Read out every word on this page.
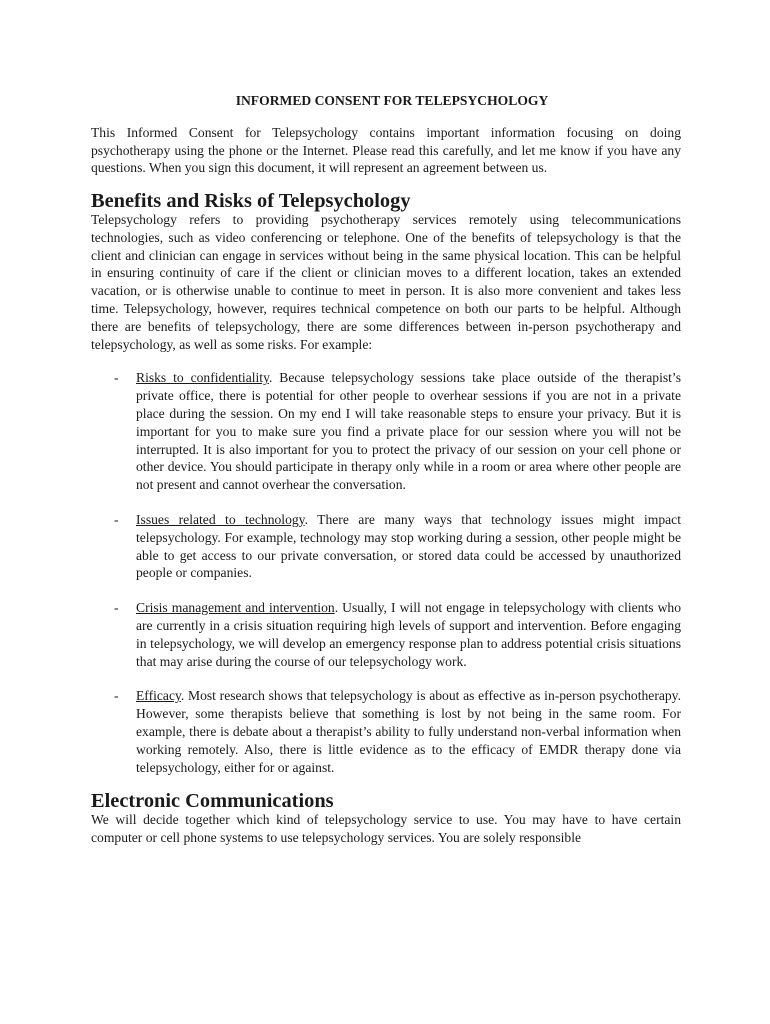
INFORMED CONSENT FOR TELEPSYCHOLOGY

This Informed Consent for Telepsychology contains important information focusing on doing psychotherapy using the phone or the Internet. Please read this carefully, and let me know if you have any questions. When you sign this document, it will represent an agreement between us.

Benefits and Risks of Telepsychology

Telepsychology refers to providing psychotherapy services remotely using telecommunications technologies, such as video conferencing or telephone. One of the benefits of telepsychology is that the client and clinician can engage in services without being in the same physical location. This can be helpful in ensuring continuity of care if the client or clinician moves to a different location, takes an extended vacation, or is otherwise unable to continue to meet in person. It is also more convenient and takes less time. Telepsychology, however, requires technical competence on both our parts to be helpful. Although there are benefits of telepsychology, there are some differences between in-person psychotherapy and telepsychology, as well as some risks. For example:

- Risks to confidentiality. Because telepsychology sessions take place outside of the therapist’s private office, there is potential for other people to overhear sessions if you are not in a private place during the session. On my end I will take reasonable steps to ensure your privacy. But it is important for you to make sure you find a private place for our session where you will not be interrupted. It is also important for you to protect the privacy of our session on your cell phone or other device. You should participate in therapy only while in a room or area where other people are not present and cannot overhear the conversation.

- Issues related to technology. There are many ways that technology issues might impact telepsychology. For example, technology may stop working during a session, other people might be able to get access to our private conversation, or stored data could be accessed by unauthorized people or companies.

- Crisis management and intervention. Usually, I will not engage in telepsychology with clients who are currently in a crisis situation requiring high levels of support and intervention. Before engaging in telepsychology, we will develop an emergency response plan to address potential crisis situations that may arise during the course of our telepsychology work.

- Efficacy. Most research shows that telepsychology is about as effective as in-person psychotherapy. However, some therapists believe that something is lost by not being in the same room. For example, there is debate about a therapist’s ability to fully understand non-verbal information when working remotely. Also, there is little evidence as to the efficacy of EMDR therapy done via telepsychology, either for or against.

Electronic Communications

We will decide together which kind of telepsychology service to use. You may have to have certain computer or cell phone systems to use telepsychology services. You are solely responsible
